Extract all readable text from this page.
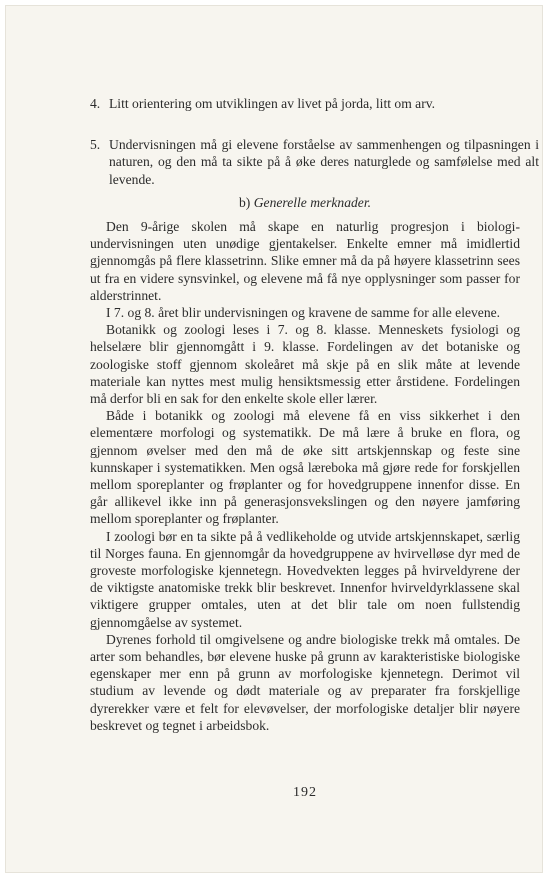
4. Litt orientering om utviklingen av livet på jorda, litt om arv.
5. Undervisningen må gi elevene forståelse av sammenhengen og tilpasningen i naturen, og den må ta sikte på å øke deres naturglede og samfølelse med alt levende.
b) Generelle merknader.

Den 9-årige skolen må skape en naturlig progresjon i biologi-undervisningen uten unødige gjentakelser. Enkelte emner må imidlertid gjennomgås på flere klassetrinn. Slike emner må da på høyere klassetrinn sees ut fra en videre synsvinkel, og elevene må få nye opplysninger som passer for alderstrinnet.

I 7. og 8. året blir undervisningen og kravene de samme for alle elevene.

Botanikk og zoologi leses i 7. og 8. klasse. Menneskets fysiologi og helselære blir gjennomgått i 9. klasse. Fordelingen av det botaniske og zoologiske stoff gjennom skoleåret må skje på en slik måte at levende materiale kan nyttes mest mulig hensiktsmessig etter årstidene. Fordelingen må derfor bli en sak for den enkelte skole eller lærer.

Både i botanikk og zoologi må elevene få en viss sikkerhet i den elementære morfologi og systematikk. De må lære å bruke en flora, og gjennom øvelser med den må de øke sitt artskjennskap og feste sine kunnskaper i systematikken. Men også læreboka må gjøre rede for forskjellen mellom sporeplanter og frøplanter og for hovedgruppene innenfor disse. En går allikevel ikke inn på generasjonsvekslingen og den nøyere jamføring mellom sporeplanter og frøplanter.

I zoologi bør en ta sikte på å vedlikeholde og utvide artskjennskapet, særlig til Norges fauna. En gjennomgår da hovedgruppene av hvirvelløse dyr med de groveste morfologiske kjennetegn. Hovedvekten legges på hvirveldyrene der de viktigste anatomiske trekk blir beskrevet. Innenfor hvirveldyrklassene skal viktigere grupper omtales, uten at det blir tale om noen fullstendig gjennomgåelse av systemet.

Dyrenes forhold til omgivelsene og andre biologiske trekk må omtales. De arter som behandles, bør elevene huske på grunn av karakteristiske biologiske egenskaper mer enn på grunn av morfologiske kjennetegn. Derimot vil studium av levende og dødt materiale og av preparater fra forskjellige dyrerekker være et felt for elevøvelser, der morfologiske detaljer blir nøyere beskrevet og tegnet i arbeidsbok.

192
